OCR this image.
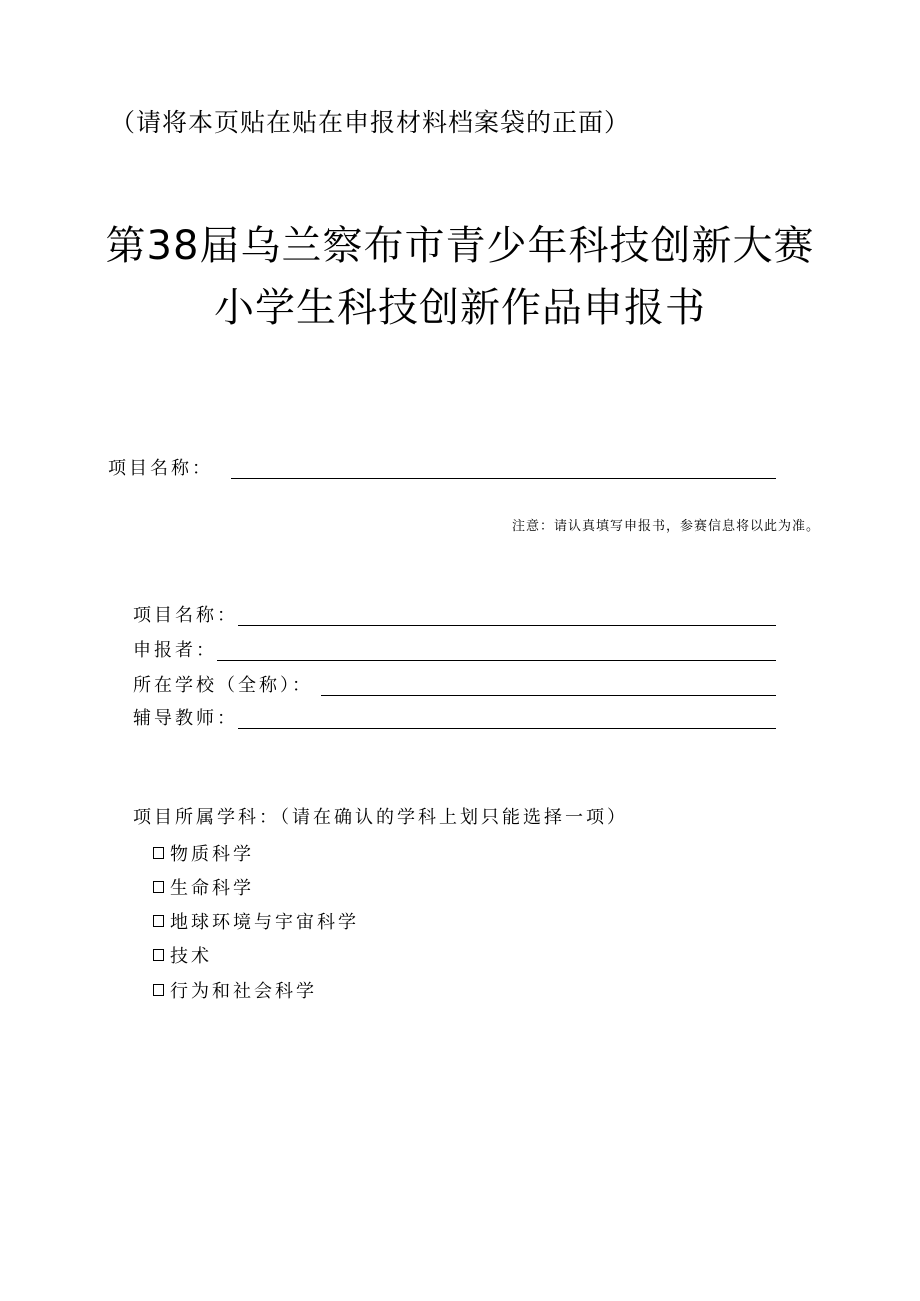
（请将本页贴在贴在申报材料档案袋的正面）
第38届乌兰察布市青少年科技创新大赛
小学生科技创新作品申报书
项目名称：
注意：请认真填写申报书，参赛信息将以此为准。
项目名称：
申报者：
所在学校（全称）：
辅导教师：
项目所属学科：（请在确认的学科上划只能选择一项）
物质科学
生命科学
地球环境与宇宙科学
技术
行为和社会科学
